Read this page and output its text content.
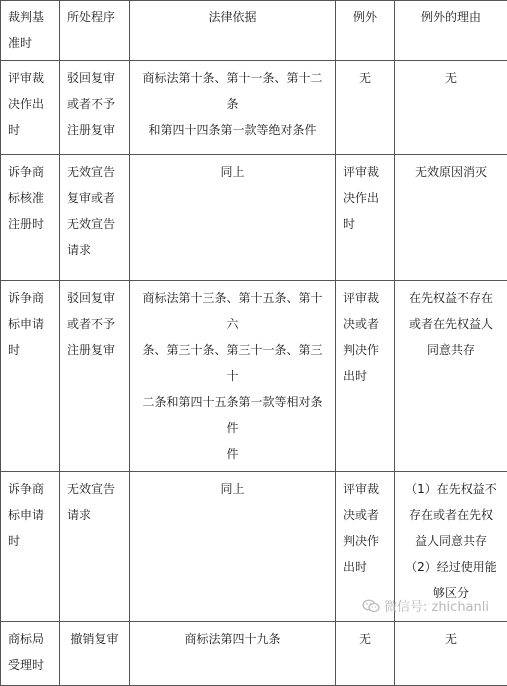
裁判基
准时	所处程序	法律依据	例外	例外的理由

评审裁
决作出
时	驳回复审
或者不予
注册复审	商标法第十条、第十一条、第十二条
和第四十四条第一款等绝对条件	无	无

诉争商
标核准
注册时	无效宣告
复审或者
无效宣告
请求	同上	评审裁
决作出
时	无效原因消灭

诉争商
标申请
时	驳回复审
或者不予
注册复审	商标法第十三条、第十五条、第十六
条、第三十条、第三十一条、第三十
二条和第四十五条第一款等相对条件
件	评审裁
决或者
判决作
出时	在先权益不存在
或者在先权益人
同意共存

诉争商
标申请
时	无效宣告
请求	同上	评审裁
决或者
判决作
出时	（1）在先权益不
存在或者在先权
益人同意共存
（2）经过使用能
够区分

商标局
受理时	撤销复审	商标法第四十九条	无	无
微信号: zhichanli
